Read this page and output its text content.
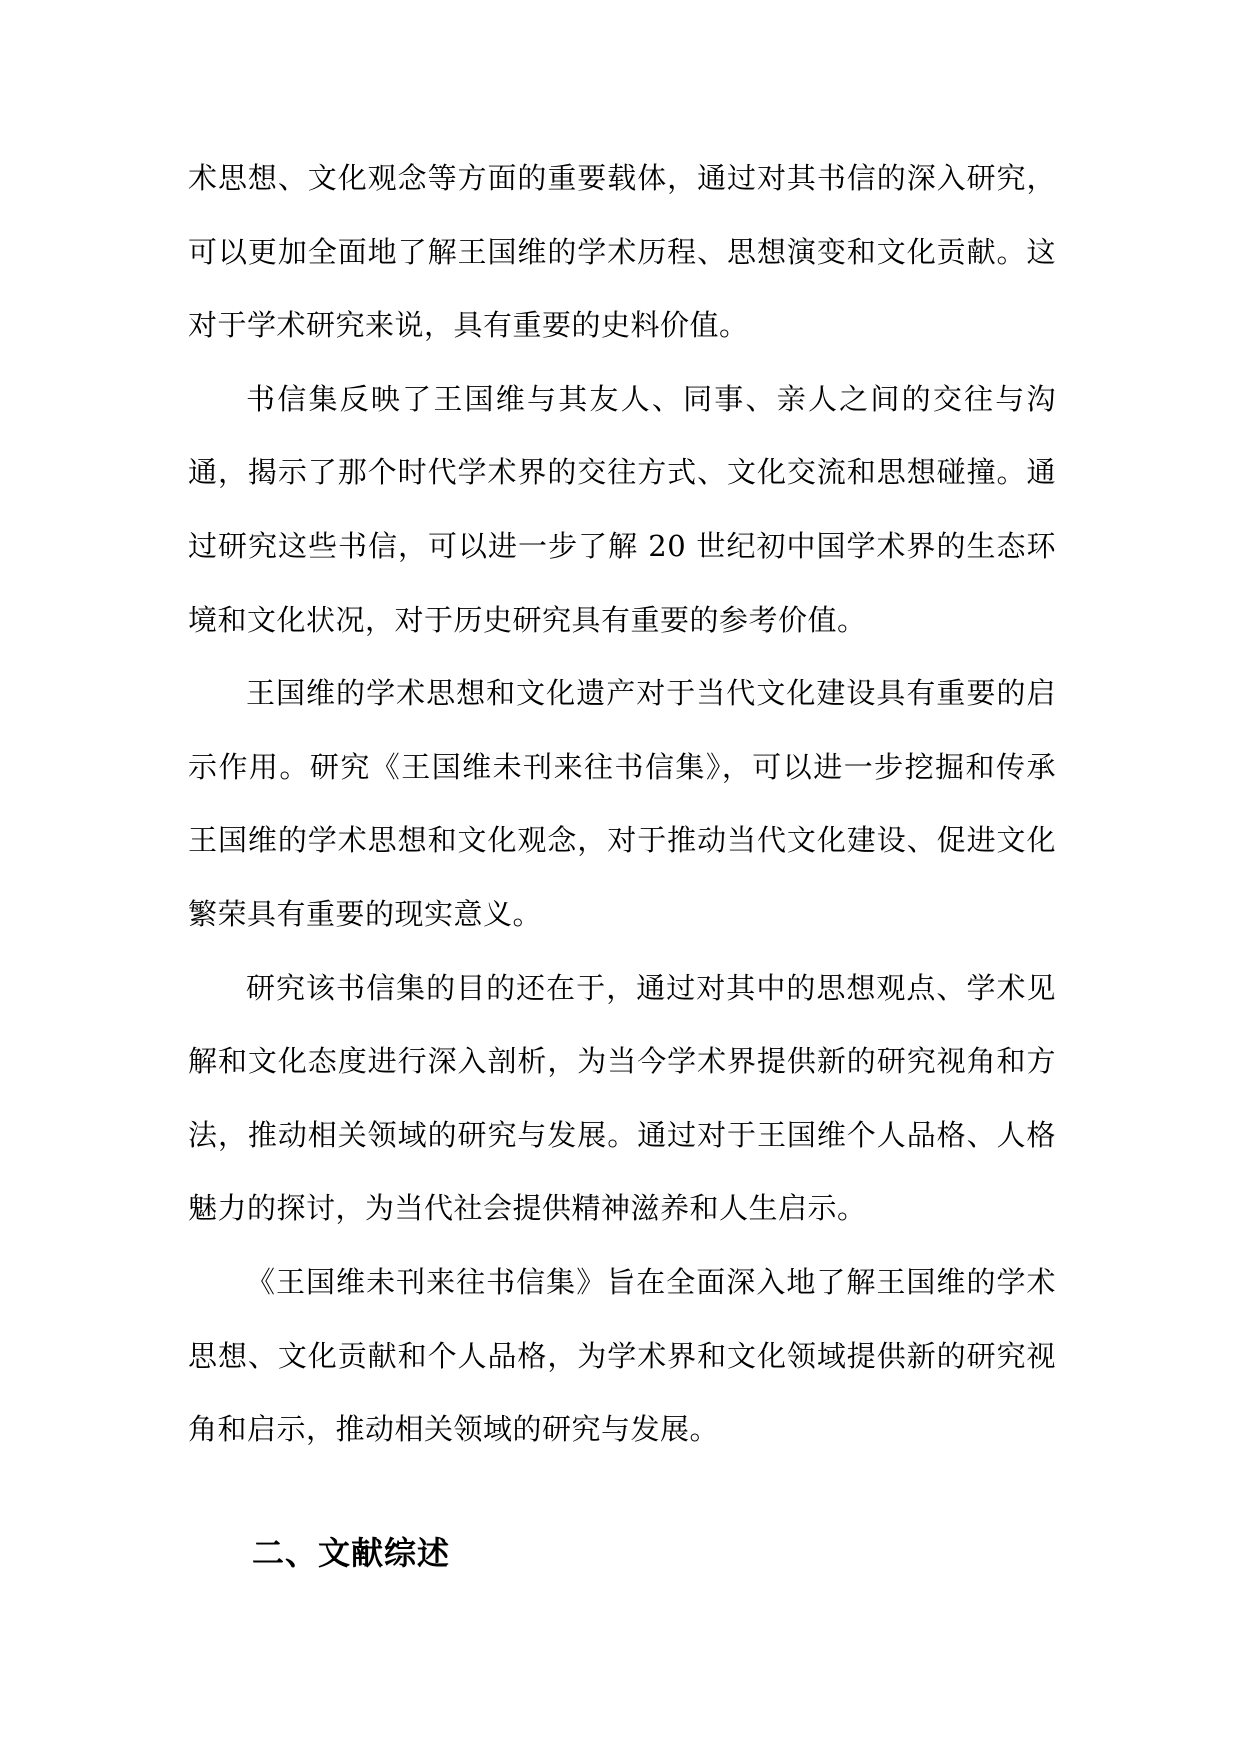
术思想、文化观念等方面的重要载体，通过对其书信的深入研究，可以更加全面地了解王国维的学术历程、思想演变和文化贡献。这对于学术研究来说，具有重要的史料价值。

书信集反映了王国维与其友人、同事、亲人之间的交往与沟通，揭示了那个时代学术界的交往方式、文化交流和思想碰撞。通过研究这些书信，可以进一步了解 20 世纪初中国学术界的生态环境和文化状况，对于历史研究具有重要的参考价值。

王国维的学术思想和文化遗产对于当代文化建设具有重要的启示作用。研究《王国维未刊来往书信集》，可以进一步挖掘和传承王国维的学术思想和文化观念，对于推动当代文化建设、促进文化繁荣具有重要的现实意义。

研究该书信集的目的还在于，通过对其中的思想观点、学术见解和文化态度进行深入剖析，为当今学术界提供新的研究视角和方法，推动相关领域的研究与发展。通过对于王国维个人品格、人格魅力的探讨，为当代社会提供精神滋养和人生启示。

《王国维未刊来往书信集》旨在全面深入地了解王国维的学术思想、文化贡献和个人品格，为学术界和文化领域提供新的研究视角和启示，推动相关领域的研究与发展。

二、文献综述
